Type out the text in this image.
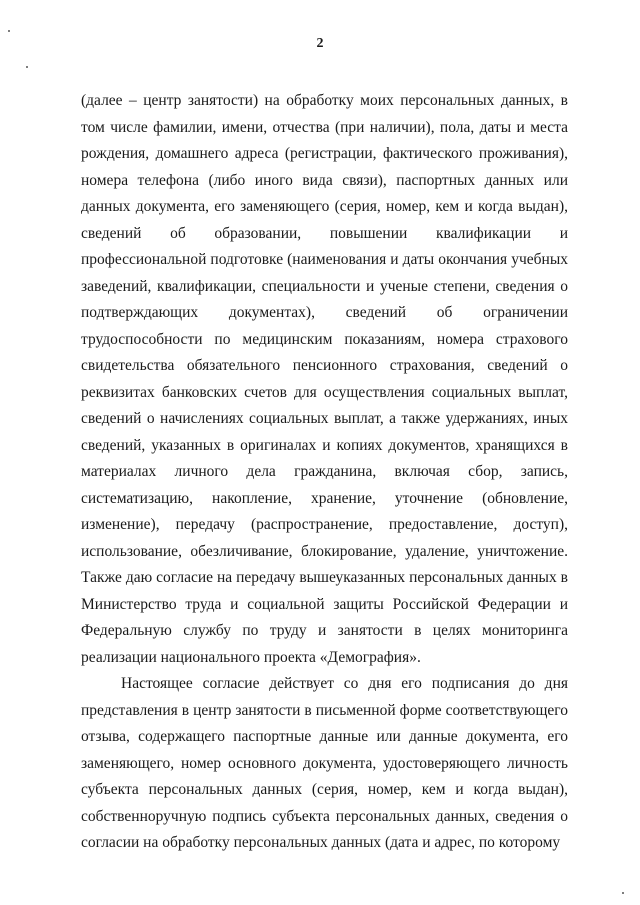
2

(далее – центр занятости) на обработку моих персональных данных, в том числе фамилии, имени, отчества (при наличии), пола, даты и места рождения, домашнего адреса (регистрации, фактического проживания), номера телефона (либо иного вида связи), паспортных данных или данных документа, его заменяющего (серия, номер, кем и когда выдан), сведений об образовании, повышении квалификации и профессиональной подготовке (наименования и даты окончания учебных заведений, квалификации, специальности и ученые степени, сведения о подтверждающих документах), сведений об ограничении трудоспособности по медицинским показаниям, номера страхового свидетельства обязательного пенсионного страхования, сведений о реквизитах банковских счетов для осуществления социальных выплат, сведений о начислениях социальных выплат, а также удержаниях, иных сведений, указанных в оригиналах и копиях документов, хранящихся в материалах личного дела гражданина, включая сбор, запись, систематизацию, накопление, хранение, уточнение (обновление, изменение), передачу (распространение, предоставление, доступ), использование, обезличивание, блокирование, удаление, уничтожение. Также даю согласие на передачу вышеуказанных персональных данных в Министерство труда и социальной защиты Российской Федерации и Федеральную службу по труду и занятости в целях мониторинга реализации национального проекта «Демография».

Настоящее согласие действует со дня его подписания до дня представления в центр занятости в письменной форме соответствующего отзыва, содержащего паспортные данные или данные документа, его заменяющего, номер основного документа, удостоверяющего личность субъекта персональных данных (серия, номер, кем и когда выдан), собственноручную подпись субъекта персональных данных, сведения о согласии на обработку персональных данных (дата и адрес, по которому
